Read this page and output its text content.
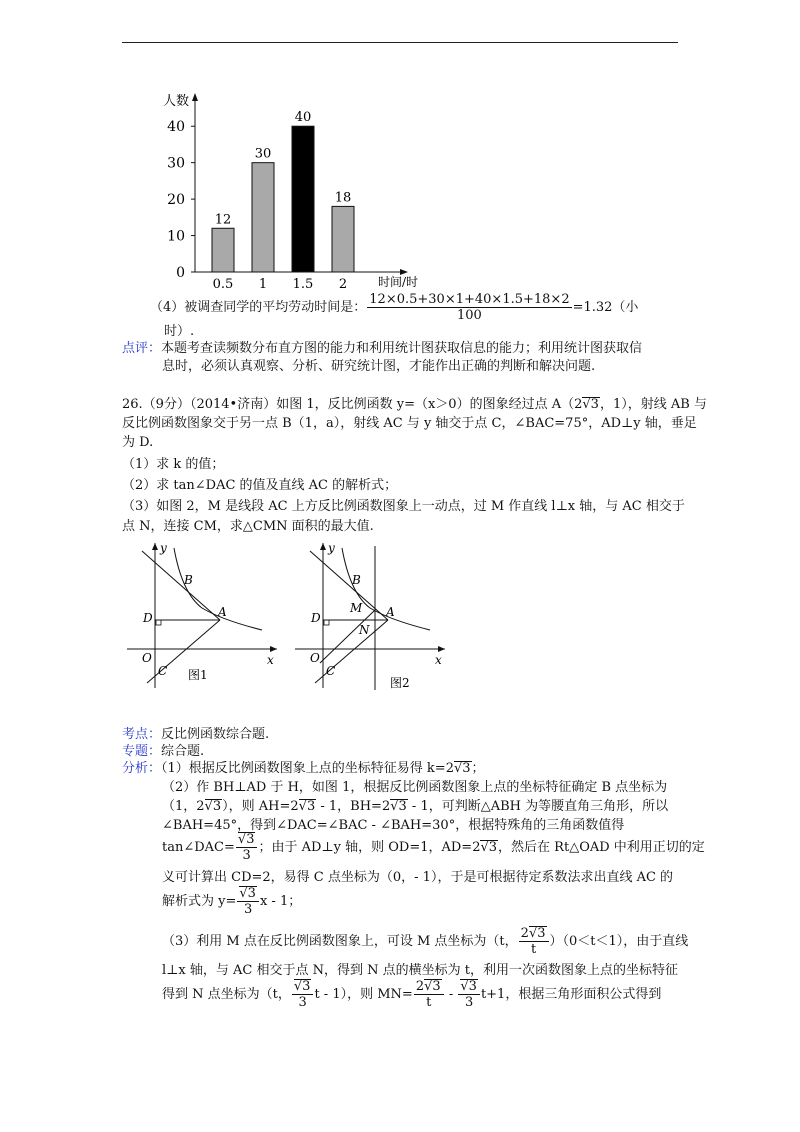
人数
时间/时
0
10
20
30
40
12
0.5
30
1
40
1.5
18
2
（4）被调查同学的平均劳动时间是： $\frac{12\times 0.5+30\times 1+40\times 1.5+18\times 2}{100} =1.32$（小
时）.
点评：本题考查读频数分布直方图的能力和利用统计图获取信息的能力；利用统计图获取信
息时，必须认真观察、分析、研究统计图，才能作出正确的判断和解决问题.
26.（9分）（2014•济南）如图 1，反比例函数 y=（x＞0）的图象经过点 A（2 √ 3，1），射线 AB 与
反比例函数图象交于另一点 B（1，a），射线 AC 与 y 轴交于点 C，∠BAC=75°，AD⊥y 轴，垂足
为 D.
（1）求 k 的值；
（2）求 tan∠DAC 的值及直线 AC 的解析式；
（3）如图 2，M 是线段 AC 上方反比例函数图象上一动点，过 M 作直线 l⊥x 轴，与 AC 相交于
点 N，连接 CM，求△CMN 面积的最大值.
y
x
B
D	A
O
C 图1
y
x
B
D	A
O
C
M
N
图2
考点：反比例函数综合题.
专题：综合题.
分析：（1）根据反比例函数图象上点的坐标特征易得 k=2 √ 3；
（2）作 BH⊥AD 于 H，如图 1，根据反比例函数图象上点的坐标特征确定 B 点坐标为
（1，2 √ 3），则 AH=2 √ 3 - 1，BH=2 √ 3 - 1，可判断△ABH 为等腰直角三角形，所以
∠BAH=45°，得到∠DAC=∠BAC - ∠BAH=30°，根据特殊角的三角函数值得
tan∠DAC= √ $\frac{3}{3}$ ；由于 AD⊥y 轴，则 OD=1，AD=2 √ 3，然后在 Rt△OAD 中利用正切的定
义可计算出 CD=2，易得 C 点坐标为（0，- 1），于是可根据待定系数法求出直线 AC 的
解析式为 y= √ $\frac{3}{3}$ x - 1；
（3）利用 M 点在反比例函数图象上，可设 M 点坐标为（t， $\frac{2 √ 3}{t} )(0<t<1)$，由于直线
l⊥x 轴，与 AC 相交于点 N，得到 N 点的横坐标为 t，利用一次函数图象上点的坐标特征
得到 N 点坐标为（t， √ $\frac{3}{3}$ t - 1），则 $MN= \frac{2 √ 3}{t}$ - √ $\frac{3}{3} t+1$，根据三角形面积公式得到
